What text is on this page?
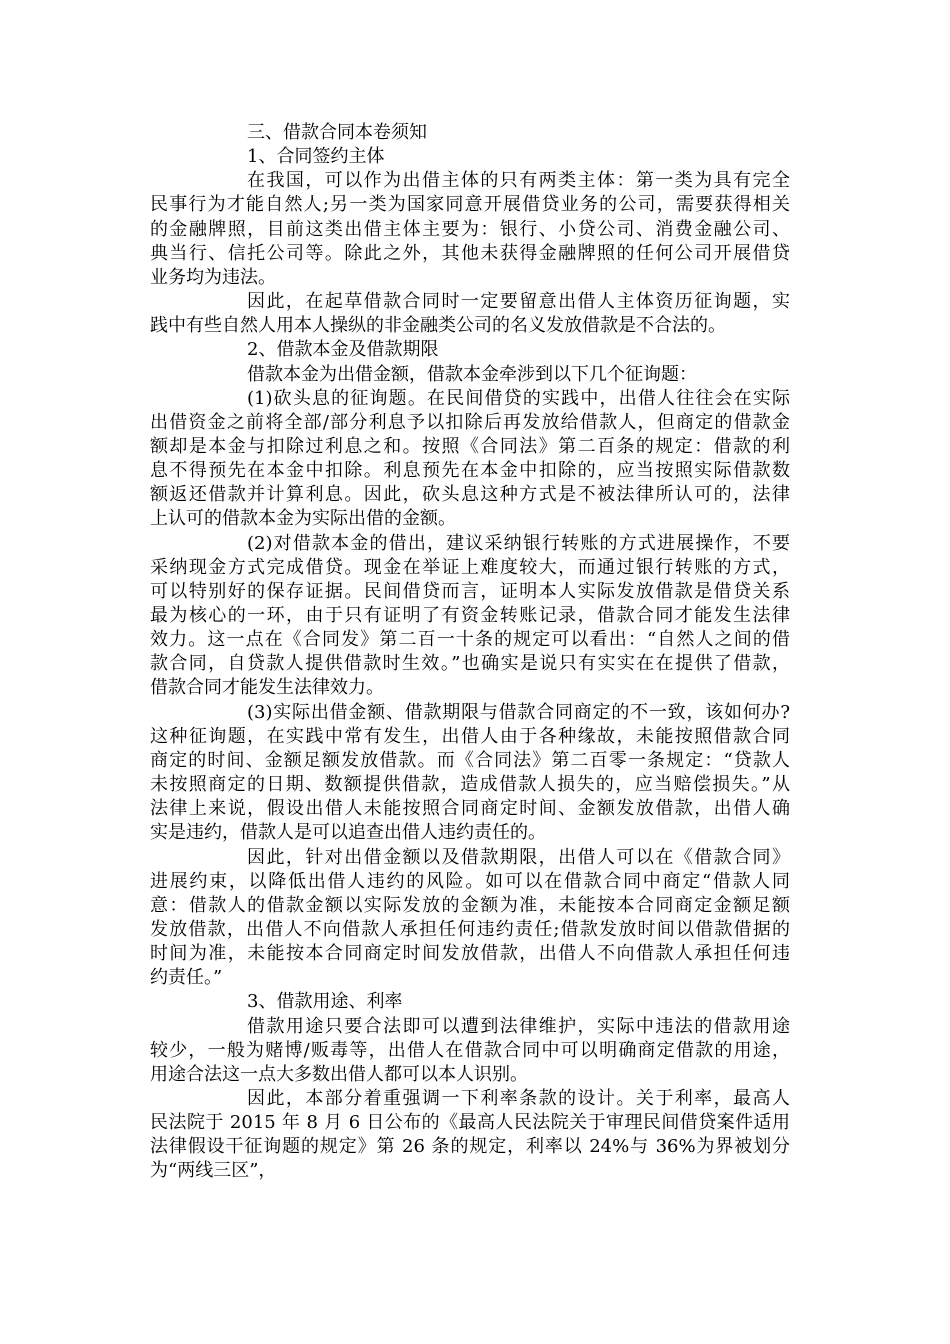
三、借款合同本卷须知
1、合同签约主体
在我国，可以作为出借主体的只有两类主体：第一类为具有完全
民事行为才能自然人;另一类为国家同意开展借贷业务的公司，需要获得相关
的金融牌照，目前这类出借主体主要为：银行、小贷公司、消费金融公司、
典当行、信托公司等。除此之外，其他未获得金融牌照的任何公司开展借贷
业务均为违法。
因此，在起草借款合同时一定要留意出借人主体资历征询题，实
践中有些自然人用本人操纵的非金融类公司的名义发放借款是不合法的。
2、借款本金及借款期限
借款本金为出借金额，借款本金牵涉到以下几个征询题：
(1)砍头息的征询题。在民间借贷的实践中，出借人往往会在实际
出借资金之前将全部/部分利息予以扣除后再发放给借款人，但商定的借款金
额却是本金与扣除过利息之和。按照《合同法》第二百条的规定：借款的利
息不得预先在本金中扣除。利息预先在本金中扣除的，应当按照实际借款数
额返还借款并计算利息。因此，砍头息这种方式是不被法律所认可的，法律
上认可的借款本金为实际出借的金额。
(2)对借款本金的借出，建议采纳银行转账的方式进展操作，不要
采纳现金方式完成借贷。现金在举证上难度较大，而通过银行转账的方式，
可以特别好的保存证据。民间借贷而言，证明本人实际发放借款是借贷关系
最为核心的一环，由于只有证明了有资金转账记录，借款合同才能发生法律
效力。这一点在《合同发》第二百一十条的规定可以看出：“自然人之间的借
款合同，自贷款人提供借款时生效。”也确实是说只有实实在在提供了借款，
借款合同才能发生法律效力。
(3)实际出借金额、借款期限与借款合同商定的不一致，该如何办?
这种征询题，在实践中常有发生，出借人由于各种缘故，未能按照借款合同
商定的时间、金额足额发放借款。而《合同法》第二百零一条规定：“贷款人
未按照商定的日期、数额提供借款，造成借款人损失的，应当赔偿损失。”从
法律上来说，假设出借人未能按照合同商定时间、金额发放借款，出借人确
实是违约，借款人是可以追查出借人违约责任的。
因此，针对出借金额以及借款期限，出借人可以在《借款合同》
进展约束，以降低出借人违约的风险。如可以在借款合同中商定“借款人同
意：借款人的借款金额以实际发放的金额为准，未能按本合同商定金额足额
发放借款，出借人不向借款人承担任何违约责任;借款发放时间以借款借据的
时间为准，未能按本合同商定时间发放借款，出借人不向借款人承担任何违
约责任。”
3、借款用途、利率
借款用途只要合法即可以遭到法律维护，实际中违法的借款用途
较少，一般为赌博/贩毒等，出借人在借款合同中可以明确商定借款的用途，
用途合法这一点大多数出借人都可以本人识别。
因此，本部分着重强调一下利率条款的设计。关于利率，最高人
民法院于 2015 年 8 月 6 日公布的《最高人民法院关于审理民间借贷案件适用
法律假设干征询题的规定》第 26 条的规定，利率以 24%与 36%为界被划分
为“两线三区”，
